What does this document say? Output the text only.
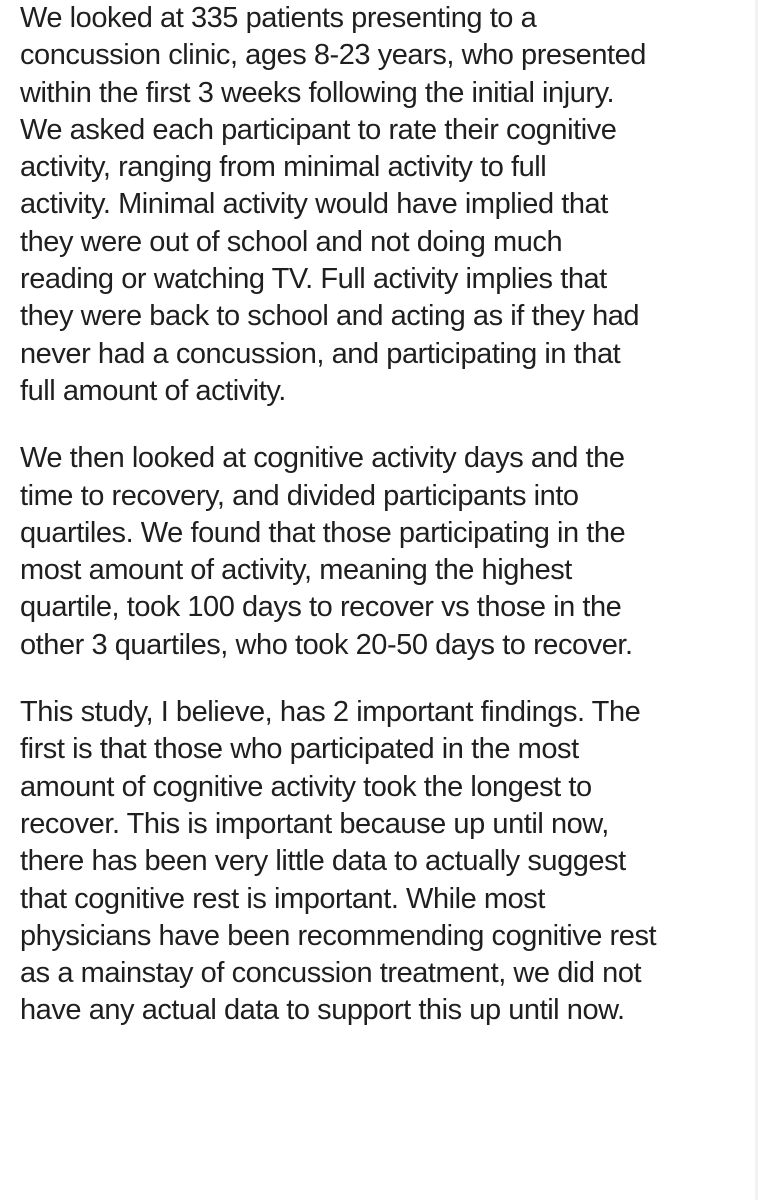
We looked at 335 patients presenting to a
concussion clinic, ages 8-23 years, who presented
within the first 3 weeks following the initial injury.
We asked each participant to rate their cognitive
activity, ranging from minimal activity to full
activity. Minimal activity would have implied that
they were out of school and not doing much
reading or watching TV. Full activity implies that
they were back to school and acting as if they had
never had a concussion, and participating in that
full amount of activity.

We then looked at cognitive activity days and the
time to recovery, and divided participants into
quartiles. We found that those participating in the
most amount of activity, meaning the highest
quartile, took 100 days to recover vs those in the
other 3 quartiles, who took 20-50 days to recover.

This study, I believe, has 2 important findings. The
first is that those who participated in the most
amount of cognitive activity took the longest to
recover. This is important because up until now,
there has been very little data to actually suggest
that cognitive rest is important. While most
physicians have been recommending cognitive rest
as a mainstay of concussion treatment, we did not
have any actual data to support this up until now.
